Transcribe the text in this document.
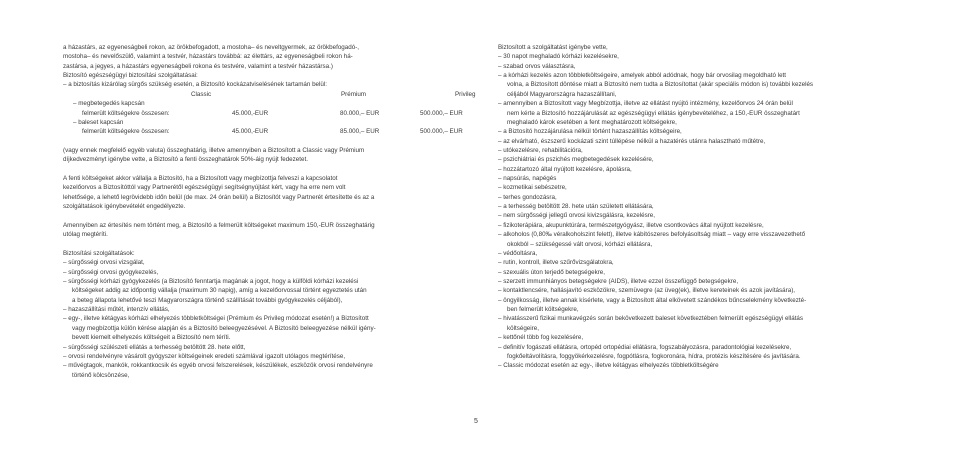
a házastárs, az egyeneságbeli rokon, az örökbefogadott, a mostoha– és neveltgyermek, az örökbefogadó-,

mostoha– és nevelőszülő, valamint a testvér, házastárs továbbá: az élettárs, az egyeneságbeli rokon há-

zastársa, a jegyes, a házastárs egyeneságbeli rokona és testvére, valamint a testvér házastársa.)

Biztosító egészségügyi biztosítási szolgáltatásai:

– a biztosítás kizárólag sürgős szükség esetén, a Biztosító kockázatviselésének tartamán belül:

Classic	Prémium	Privileg

– megbetegedés kapcsán

felmerült költségekre összesen:	45.000,-EUR	80.000,– EUR	500.000,– EUR

– baleset kapcsán

felmerült költségekre összesen:	45.000,-EUR	85.000,– EUR	500.000,– EUR

(vagy ennek megfelelő egyéb valuta) összeghatárig, illetve amennyiben a Biztosított a Classic vagy Prémium

díjkedvezményt igénybe vette, a Biztosító a fenti összeghatárok 50%-áig nyújt fedezetet.

A fenti költségeket akkor vállalja a Biztosító, ha a Biztosított vagy megbízottja felveszi a kapcsolatot

kezelőorvos a Biztosítóttól vagy Partnerétől egészségügyi segítségnyújtást kért, vagy ha erre nem volt

lehetősége, a lehető legrövidebb időn belül (de max. 24 órán belül) a Biztosítót vagy Partnerét értesítette és az a

szolgáltatások igénybevételét engedélyezte.

Amennyiben az értesítés nem történt meg, a Biztosító a felmerült költségeket maximum 150,-EUR összeghatárig

utólag megtéríti.

Biztosítási szolgáltatások:

– sürgősségi orvosi vizsgálat,

– sürgősségi orvosi gyógykezelés,

– sürgősségi kórházi gyógykezelés (a Biztosító fenntartja magának a jogot, hogy a külföldi kórházi kezelési

költségeket addig az időpontig vállalja (maximum 30 napig), amíg a kezelőorvossal történt egyeztetés után

a beteg állapota lehetővé teszi Magyarországra történő szállítását további gyógykezelés céljából),

– hazaszállítási műtét, intenzív ellátás,

– egy-, illetve kétágyas kórházi elhelyezés többletköltségei (Prémium és Privileg módozat esetén!) a Biztosított

vagy megbízottja külön kérése alapján és a Biztosító beleegyezésével. A Biztosító beleegyezése nélkül igény-

bevett kiemelt elhelyezés költségeit a Biztosító nem téríti.

– sürgősségi szülészeti ellátás a terhesség betöltött 28. hete előtt,

– orvosi rendelvényre vásárolt gyógyszer költségeinek eredeti számlával igazolt utólagos megtérítése,

– művégtagok, mankók, rokkantkocsik és egyéb orvosi felszerelések, készülékek, eszközök orvosi rendelvényre

történő kölcsönzése,

Biztosított a szolgáltatást igénybe vette,

– 30 napot meghaladó kórházi kezelésekre,

– szabad orvos választásra,

– a kórházi kezelés azon többletköltségeire, amelyek abból adódnak, hogy bár orvosilag megoldható lett

volna, a Biztosított döntése miatt a Biztosító nem tudta a Biztosítottat (akár speciális módon is) további kezelés

céljából Magyarországra hazaszállítani,

– amennyiben a Biztosított vagy Megbízottja, illetve az ellátást nyújtó intézmény, kezelőorvos 24 órán belül

nem kérte a Biztosító hozzájárulását az egészségügyi ellátás igénybevételéhez, a 150,-EUR összeghatárt

meghaladó károk esetében a fent meghatározott költségekre,

– a Biztosító hozzájárulása nélkül történt hazaszállítás költségeire,

– az elvárható, észszerű kockázati szint túllépése nélkül a hazatérés utánra halasztható műtétre,

– utókezelésre, rehabilitációra,

– pszichiátriai és pszichés megbetegedések kezelésére,

– hozzátartozó által nyújtott kezelésre, ápolásra,

– napsúrás, napégés

– kozmetikai sebészetre,

– terhes gondozásra,

– a terhesség betöltött 28. hete után született ellátására,

– nem sürgősségi jellegű orvosi kivizsgálásra, kezelésre,

– fizikoterápiára, akupunktúrára, természetgyógyász, illetve csontkovács által nyújtott kezelésre,

– alkoholos (0,80‰ véralkoholszint felett), illetve kábítószeres befolyásoltság miatt – vagy erre visszavezethető

okokból – szükségessé vált orvosi, kórházi ellátásra,

– védőoltásra,

– rutin, kontroll, illetve szűrővizsgálatokra,

– szexuális úton terjedő betegségekre,

– szerzett immunhiányos betegségekre (AIDS), illetve ezzel összefüggő betegségekre,

– kontaktlencsére, hallásjavító eszközökre, szemüvegre (az üveg(ek), illetve kereteinek és azok javítására),

– öngyilkosság, illetve annak kísérlete, vagy a Biztosított által elkövetett szándékos bűncselekmény következté-

ben felmerült költségekre,

– hivatásszerű fizikai munkavégzés során bekövetkezett baleset következtében felmerült egészségügyi ellátás

költségeire,

– kettőnél több fog kezelésére,

– definitív fogászati ellátásra, ortopéd ortopédiai ellátásra, fogszabályozásra, paradontológiai kezelésekre,

fogkőeltávolításra, foggyökérkezelésre, fogpótlásra, fogkoronára, hídra, protézis készítésére és javítására.

– Classic módozat esetén az egy-, illetve kétágyas elhelyezés többletköltségére

5
